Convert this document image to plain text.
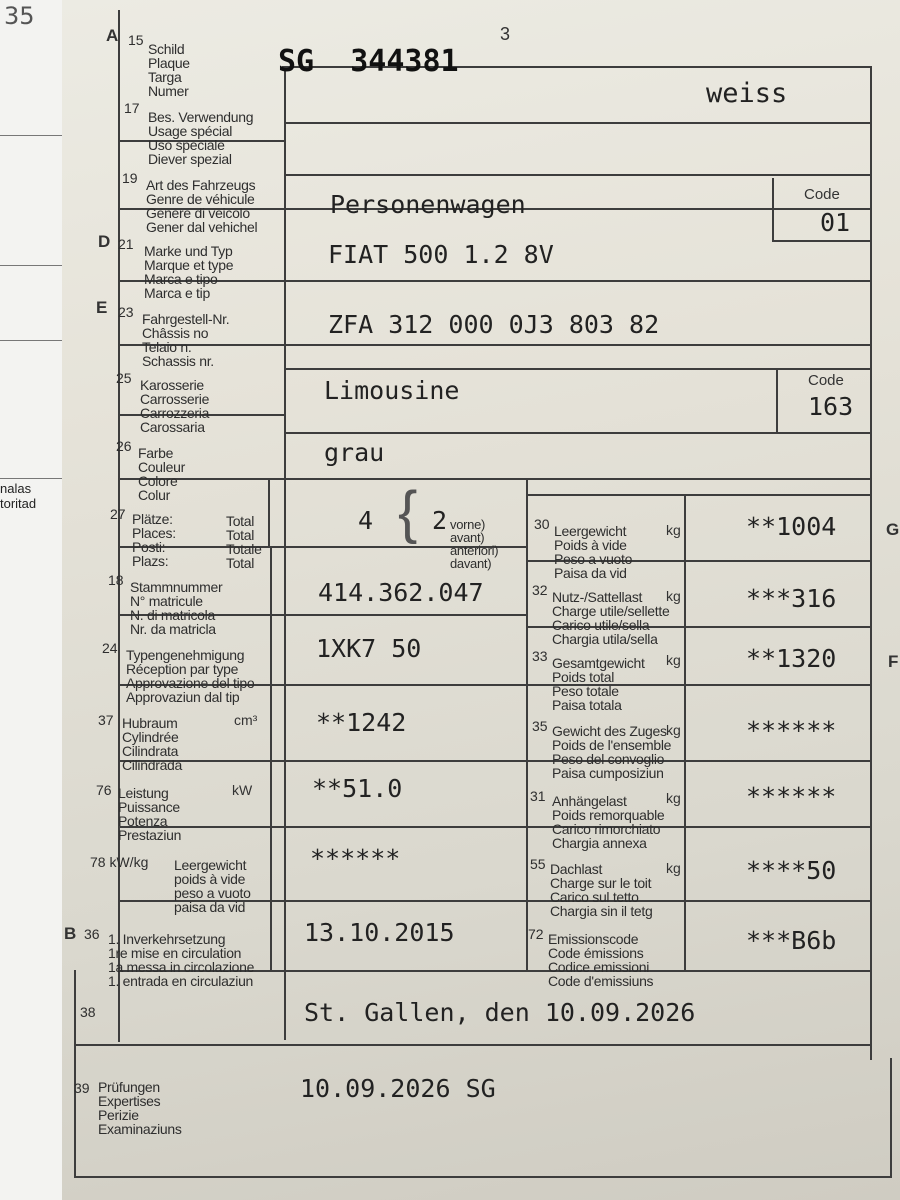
35
nalas
toritad
3
A 15

Schild
Plaque
Targa
Numer

SG  344381
weiss
17

Bes. Verwendung
Usage spécial
Uso speciale
Diever spezial

19

Art des Fahrzeugs
Genre de véhicule
Genere di veicolo
Gener dal vehichel

Personenwagen	Code
01
D 21

Marke und Typ
Marque et type
Marca e tipo
Marca e tip

FIAT 500 1.2 8V
E 23

Fahrgestell-Nr.
Châssis no
Telaio n.
Schassis nr.

ZFA 312 000 0J3 803 82
25

Karosserie
Carrosserie
Carrozzeria
Carossaria

Limousine	Code
163
26

Farbe
Couleur
Colore
Colur

grau
27

Plätze:
Places:
Posti:
Plazs:

Total
Total
Totale
Total

4 { 2

vorne)
avant)
anteriori)
davant)

30

Leergewicht
Poids à vide
Peso a vuoto
Paisa da vid

kg	**1004	G
18

Stammnummer
N° matricule
N. di matricola
Nr. da matricla

414.362.047	32

Nutz-/Sattellast
Charge utile/sellette
Carico utile/sella
Chargia utila/sella

kg	***316
24

Typengenehmigung
Réception par type
Approvazione del tipo
Approvaziun dal tip

1XK7 50	33

Gesamtgewicht
Poids total
Peso totale
Paisa totala

kg	**1320	F
37

Hubraum
Cylindrée
Cilindrata
Cilindrada

cm³ **1242	35

Gewicht des Zuges
Poids de l'ensemble
Peso del convoglio
Paisa cumposiziun

kg	******
76

Leistung
Puissance
Potenza
Prestaziun

kW **51.0	31

Anhängelast
Poids remorquable
Carico rimorchiato
Chargia annexa

kg	******
78 kW/kg

Leergewicht
poids à vide
peso a vuoto
paisa da vid

******	55

Dachlast
Charge sur le toit
Carico sul tetto
Chargia sin il tetg

kg	****50
B 36

1. Inverkehrsetzung
1re mise en circulation
1a messa in circolazione
1. entrada en circulaziun

13.10.2015	72

Emissionscode
Code émissions
Codice emissioni
Code d'emissiuns

***B6b
38	St. Gallen, den 10.09.2026
39

Prüfungen
Expertises
Perizie
Examinaziuns

10.09.2026 SG
